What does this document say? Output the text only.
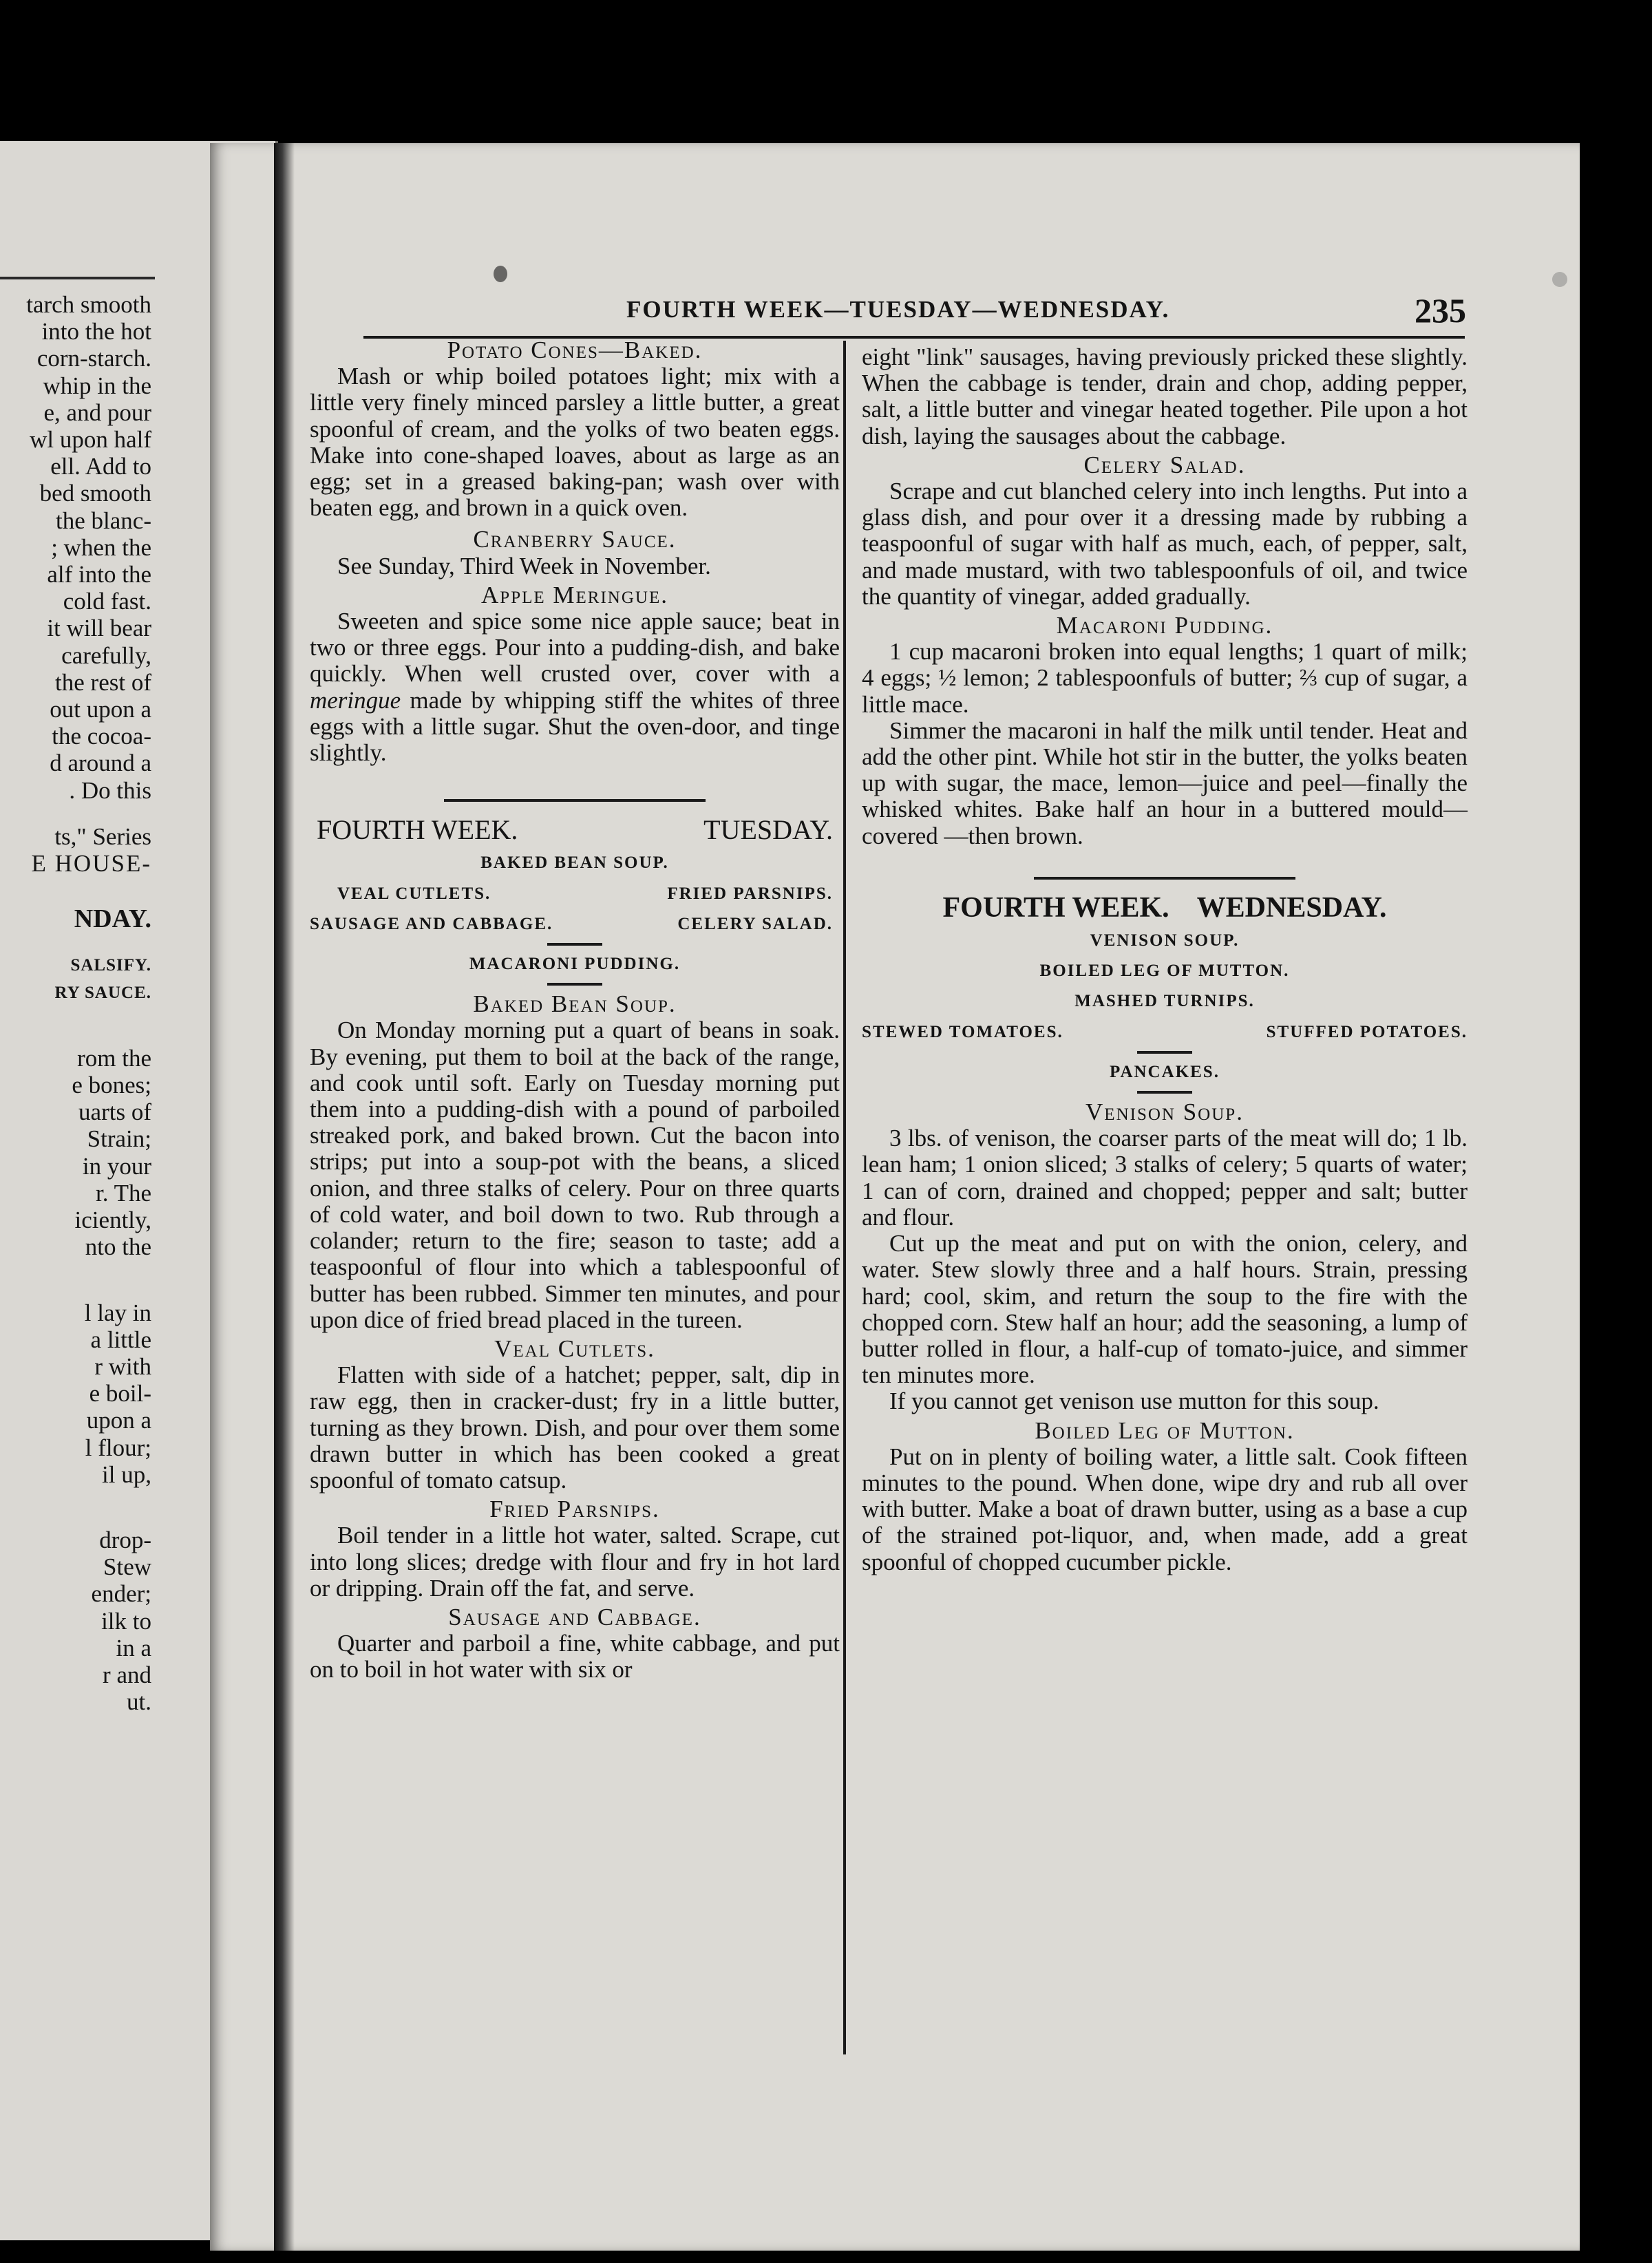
tarch smooth
into the hot
corn-starch.
whip in the
e, and pour
wl upon half
ell. Add to
bed smooth
the blanc-
; when the
alf into the
cold fast.
it will bear
carefully,
the rest of
out upon a
the cocoa-
d around a
. Do this
ts," Series
E HOUSE-
NDAY.
SALSIFY.
RY SAUCE.
rom the
e bones;
uarts of
Strain;
in your
r. The
iciently,
nto the
l lay in
a little
r with
e boil-
upon a
l flour;
il up,
drop-
Stew
ender;
ilk to
in a
r and
ut.
FOURTH WEEK—TUESDAY—WEDNESDAY.	235

Potato Cones—Baked.

Mash or whip boiled potatoes light; mix with a little very finely minced parsley a little butter, a great spoonful of cream, and the yolks of two beaten eggs. Make into cone-shaped loaves, about as large as an egg; set in a greased baking-pan; wash over with beaten egg, and brown in a quick oven.

Cranberry Sauce.

See Sunday, Third Week in November.

Apple Meringue.

Sweeten and spice some nice apple sauce; beat in two or three eggs. Pour into a pudding-dish, and bake quickly. When well crusted over, cover with a meringue made by whipping stiff the whites of three eggs with a little sugar. Shut the oven-door, and tinge slightly.

FOURTH WEEK.	TUESDAY.
BAKED BEAN SOUP.
VEAL CUTLETS.	FRIED PARSNIPS.
SAUSAGE AND CABBAGE.	CELERY SALAD.
MACARONI PUDDING.

Baked Bean Soup.

On Monday morning put a quart of beans in soak. By evening, put them to boil at the back of the range, and cook until soft. Early on Tuesday morning put them into a pudding-dish with a pound of parboiled streaked pork, and baked brown. Cut the bacon into strips; put into a soup-pot with the beans, a sliced onion, and three stalks of celery. Pour on three quarts of cold water, and boil down to two. Rub through a colander; return to the fire; season to taste; add a teaspoonful of flour into which a tablespoonful of butter has been rubbed. Simmer ten minutes, and pour upon dice of fried bread placed in the tureen.

Veal Cutlets.

Flatten with side of a hatchet; pepper, salt, dip in raw egg, then in cracker-dust; fry in a little butter, turning as they brown. Dish, and pour over them some drawn butter in which has been cooked a great spoonful of tomato catsup.

Fried Parsnips.

Boil tender in a little hot water, salted. Scrape, cut into long slices; dredge with flour and fry in hot lard or dripping. Drain off the fat, and serve.

Sausage and Cabbage.

Quarter and parboil a fine, white cabbage, and put on to boil in hot water with six or

eight "link" sausages, having previously pricked these slightly. When the cabbage is tender, drain and chop, adding pepper, salt, a little butter and vinegar heated together. Pile upon a hot dish, laying the sausages about the cabbage.

Celery Salad.

Scrape and cut blanched celery into inch lengths. Put into a glass dish, and pour over it a dressing made by rubbing a teaspoonful of sugar with half as much, each, of pepper, salt, and made mustard, with two tablespoonfuls of oil, and twice the quantity of vinegar, added gradually.

Macaroni Pudding.

1 cup macaroni broken into equal lengths; 1 quart of milk; 4 eggs; ½ lemon; 2 tablespoonfuls of butter; ⅔ cup of sugar, a little mace.

Simmer the macaroni in half the milk until tender. Heat and add the other pint. While hot stir in the butter, the yolks beaten up with sugar, the mace, lemon—juice and peel—finally the whisked whites. Bake half an hour in a buttered mould—covered —then brown.

FOURTH WEEK. WEDNESDAY.
VENISON SOUP.
BOILED LEG OF MUTTON.
MASHED TURNIPS.
STEWED TOMATOES.	STUFFED POTATOES.
PANCAKES.

Venison Soup.

3 lbs. of venison, the coarser parts of the meat will do; 1 lb. lean ham; 1 onion sliced; 3 stalks of celery; 5 quarts of water; 1 can of corn, drained and chopped; pepper and salt; butter and flour.

Cut up the meat and put on with the onion, celery, and water. Stew slowly three and a half hours. Strain, pressing hard; cool, skim, and return the soup to the fire with the chopped corn. Stew half an hour; add the seasoning, a lump of butter rolled in flour, a half-cup of tomato-juice, and simmer ten minutes more.

If you cannot get venison use mutton for this soup.

Boiled Leg of Mutton.

Put on in plenty of boiling water, a little salt. Cook fifteen minutes to the pound. When done, wipe dry and rub all over with butter. Make a boat of drawn butter, using as a base a cup of the strained pot-liquor, and, when made, add a great spoonful of chopped cucumber pickle.
